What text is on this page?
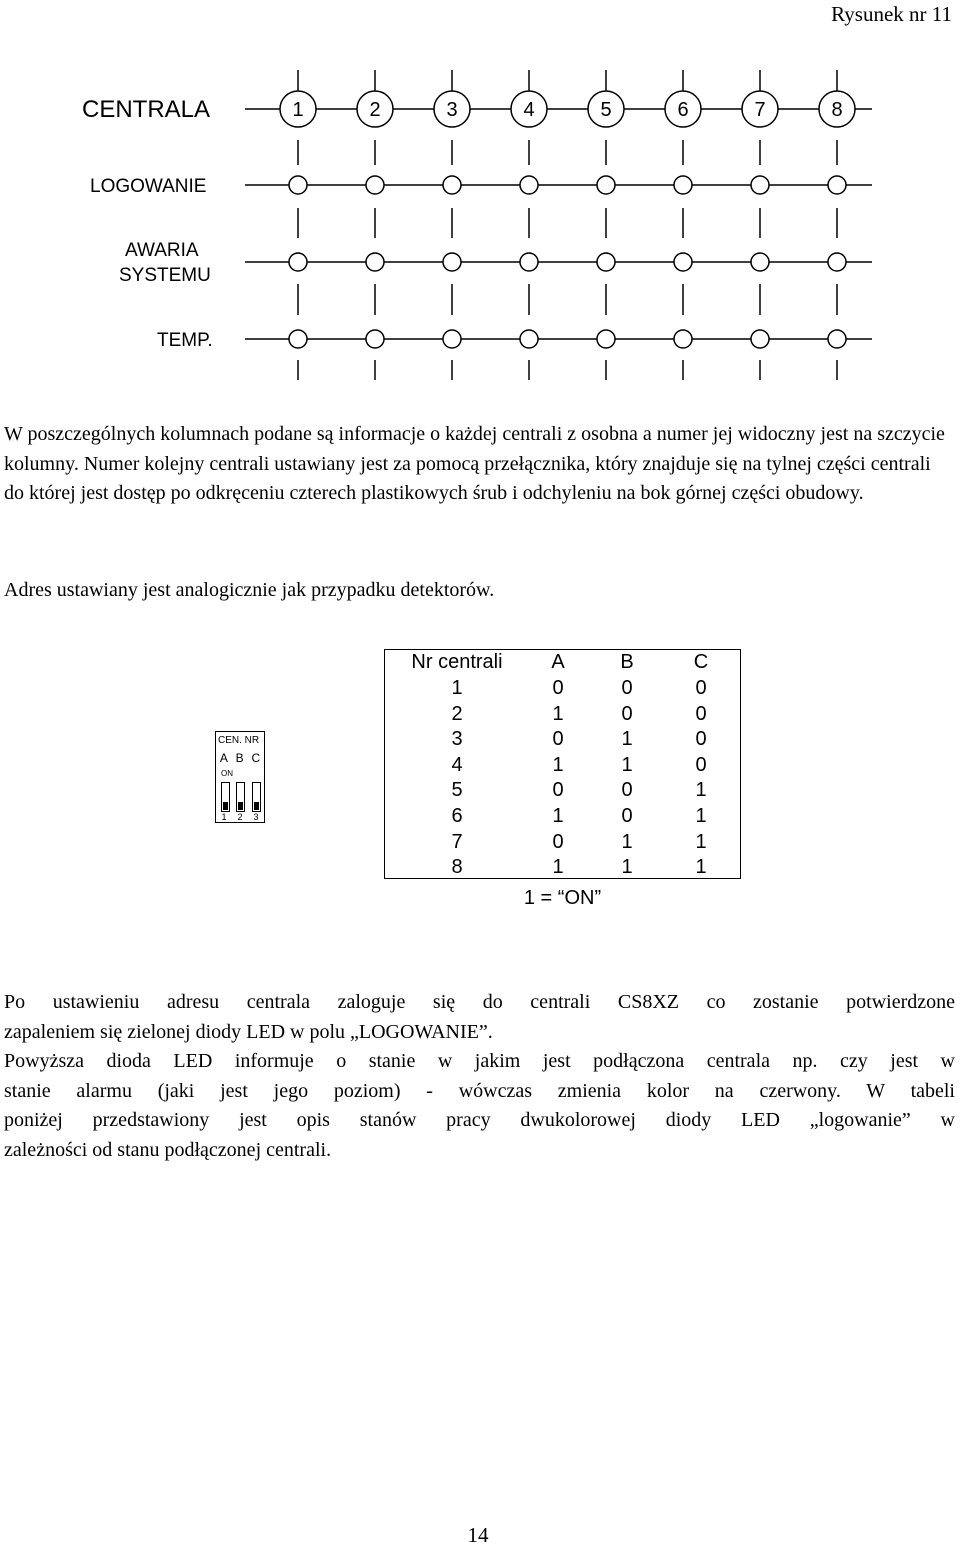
Rysunek nr 11
CENTRALA	1	2	3	4	5	6	7	8
LOGOWANIE
AWARIA
SYSTEMU
TEMP.

W poszczególnych kolumnach podane są informacje o każdej centrali z osobna a numer jej widoczny jest na szczycie kolumny. Numer kolejny centrali ustawiany jest za pomocą przełącznika, który znajduje się na tylnej części centrali do której jest dostęp po odkręceniu czterech plastikowych śrub i odchyleniu na bok górnej części obudowy.

Adres ustawiany jest analogicznie jak przypadku detektorów.

CEN. NR
A B C
ON
1 2 3
Nr centrali	A	B	C
1	0	0	0
2	1	0	0
3	0	1	0
4	1	1	0
5	0	0	1
6	1	0	1
7	0	1	1
8	1	1	1
1 = “ON”
Po ustawieniu adresu centrala zaloguje się do centrali CS8XZ co zostanie potwierdzone
zapaleniem się zielonej diody LED w polu „LOGOWANIE”.
Powyższa dioda LED informuje o stanie w jakim jest podłączona centrala np. czy jest w
stanie alarmu (jaki jest jego poziom) - wówczas zmienia kolor na czerwony. W tabeli
poniżej przedstawiony jest opis stanów pracy dwukolorowej diody LED „logowanie” w
zależności od stanu podłączonej centrali.
14
